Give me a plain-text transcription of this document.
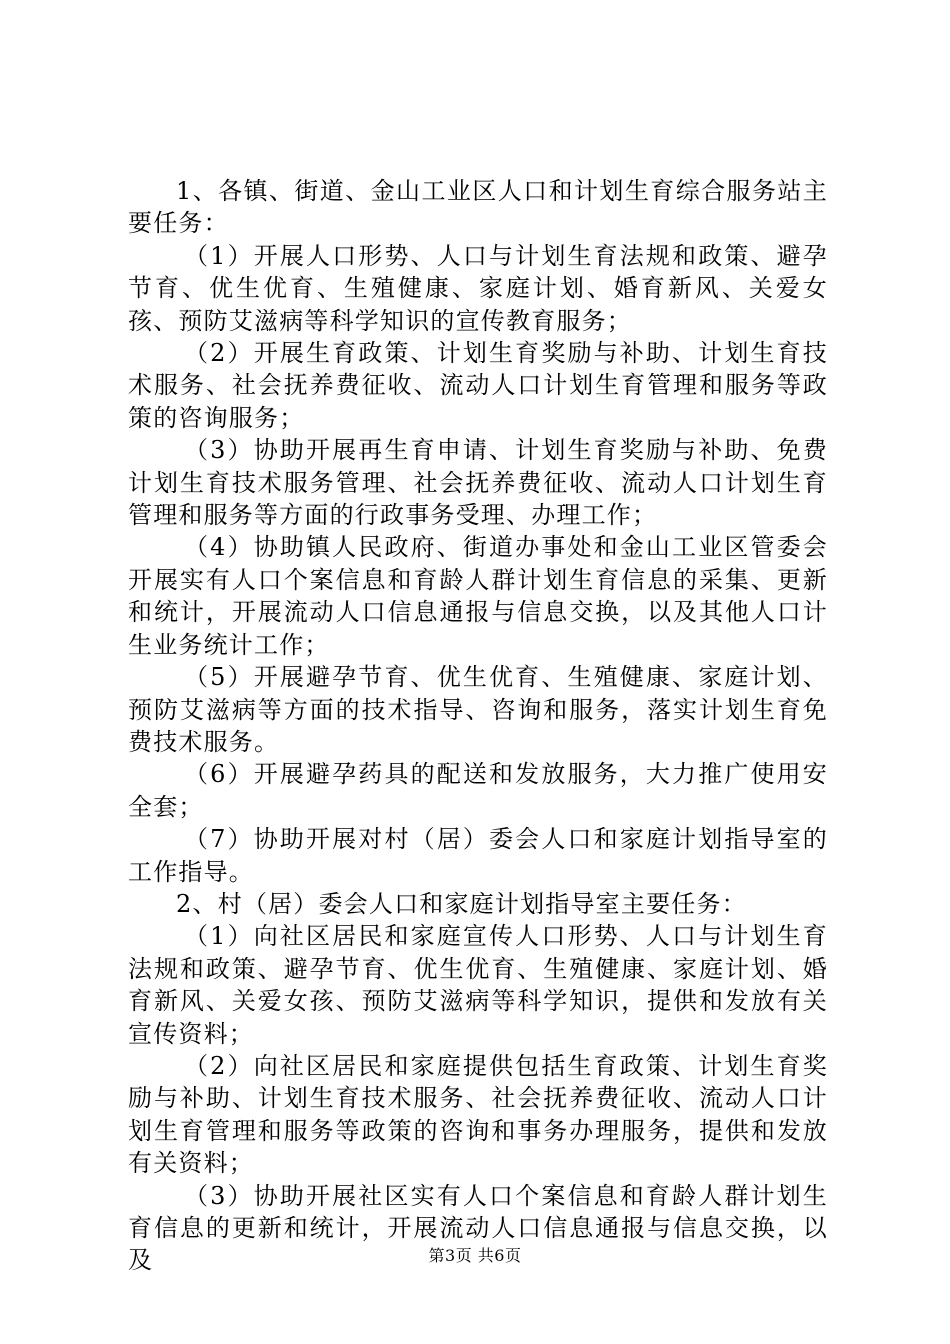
1、各镇、街道、金山工业区人口和计划生育综合服务站主要任务：

（1）开展人口形势、人口与计划生育法规和政策、避孕节育、优生优育、生殖健康、家庭计划、婚育新风、关爱女孩、预防艾滋病等科学知识的宣传教育服务；

（2）开展生育政策、计划生育奖励与补助、计划生育技术服务、社会抚养费征收、流动人口计划生育管理和服务等政策的咨询服务；

（3）协助开展再生育申请、计划生育奖励与补助、免费计划生育技术服务管理、社会抚养费征收、流动人口计划生育管理和服务等方面的行政事务受理、办理工作；

（4）协助镇人民政府、街道办事处和金山工业区管委会开展实有人口个案信息和育龄人群计划生育信息的采集、更新和统计，开展流动人口信息通报与信息交换，以及其他人口计生业务统计工作；

（5）开展避孕节育、优生优育、生殖健康、家庭计划、预防艾滋病等方面的技术指导、咨询和服务，落实计划生育免费技术服务。

（6）开展避孕药具的配送和发放服务，大力推广使用安全套；

（7）协助开展对村（居）委会人口和家庭计划指导室的工作指导。

2、村（居）委会人口和家庭计划指导室主要任务：

（1）向社区居民和家庭宣传人口形势、人口与计划生育法规和政策、避孕节育、优生优育、生殖健康、家庭计划、婚育新风、关爱女孩、预防艾滋病等科学知识，提供和发放有关宣传资料；

（2）向社区居民和家庭提供包括生育政策、计划生育奖励与补助、计划生育技术服务、社会抚养费征收、流动人口计划生育管理和服务等政策的咨询和事务办理服务，提供和发放有关资料；

（3）协助开展社区实有人口个案信息和育龄人群计划生育信息的更新和统计，开展流动人口信息通报与信息交换，以及	第3页 共6页
